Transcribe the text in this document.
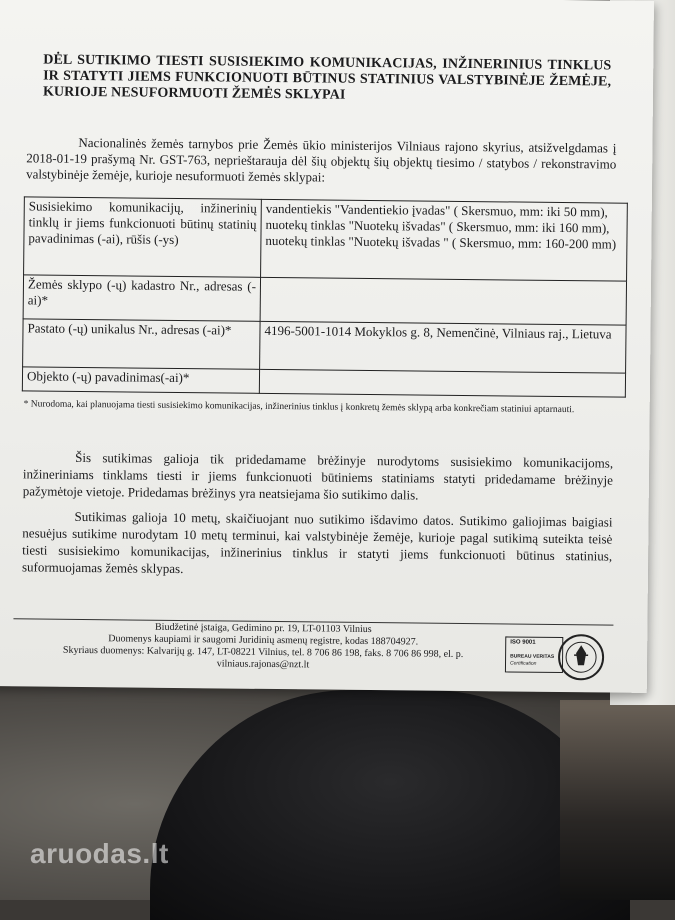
DĖL SUTIKIMO TIESTI SUSISIEKIMO KOMUNIKACIJAS, INŽINERINIUS TINKLUS IR STATYTI JIEMS FUNKCIONUOTI BŪTINUS STATINIUS VALSTYBINĖJE ŽEMĖJE, KURIOJE NESUFORMUOTI ŽEMĖS SKLYPAI
Nacionalinės žemės tarnybos prie Žemės ūkio ministerijos Vilniaus rajono skyrius, atsižvelgdamas į 2018-01-19 prašymą Nr. GST-763, neprieštarauja dėl šių objektų šių objektų tiesimo / statybos / rekonstravimo valstybinėje žemėje, kurioje nesuformuoti žemės sklypai:
Susisiekimo komunikacijų, inžinerinių tinklų ir jiems funkcionuoti būtinų statinių pavadinimas (-ai), rūšis (-ys)	vandentiekis "Vandentiekio įvadas" ( Skersmuo, mm: iki 50 mm), nuotekų tinklas "Nuotekų išvadas" ( Skersmuo, mm: iki 160 mm), nuotekų tinklas "Nuotekų išvadas " ( Skersmuo, mm: 160-200 mm)
Žemės sklypo (-ų) kadastro Nr., adresas (-ai)*	
Pastato (-ų) unikalus Nr., adresas (-ai)*	4196-5001-1014 Mokyklos g. 8, Nemenčinė, Vilniaus raj., Lietuva
Objekto (-ų) pavadinimas(-ai)*	
* Nurodoma, kai planuojama tiesti susisiekimo komunikacijas, inžinerinius tinklus į konkretų žemės sklypą arba konkrečiam statiniui aptarnauti.
Šis sutikimas galioja tik pridedamame brėžinyje nurodytoms susisiekimo komunikacijoms, inžineriniams tinklams tiesti ir jiems funkcionuoti būtiniems statiniams statyti pridedamame brėžinyje pažymėtoje vietoje. Pridedamas brėžinys yra neatsiejama šio sutikimo dalis.
Sutikimas galioja 10 metų, skaičiuojant nuo sutikimo išdavimo datos. Sutikimo galiojimas baigiasi nesuėjus sutikime nurodytam 10 metų terminui, kai valstybinėje žemėje, kurioje pagal sutikimą suteikta teisė tiesti susisiekimo komunikacijas, inžinerinius tinklus ir statyti jiems funkcionuoti būtinus statinius, suformuojamas žemės sklypas.
Biudžetinė įstaiga, Gedimino pr. 19, LT-01103 Vilnius
Duomenys kaupiami ir saugomi Juridinių asmenų registre, kodas 188704927.
Skyriaus duomenys: Kalvarijų g. 147, LT-08221 Vilnius, tel. 8 706 86 198, faks. 8 706 86 998, el. p.
vilniaus.rajonas@nzt.lt
ISO 9001
BUREAU VERITAS
Certification
aruodas.lt
